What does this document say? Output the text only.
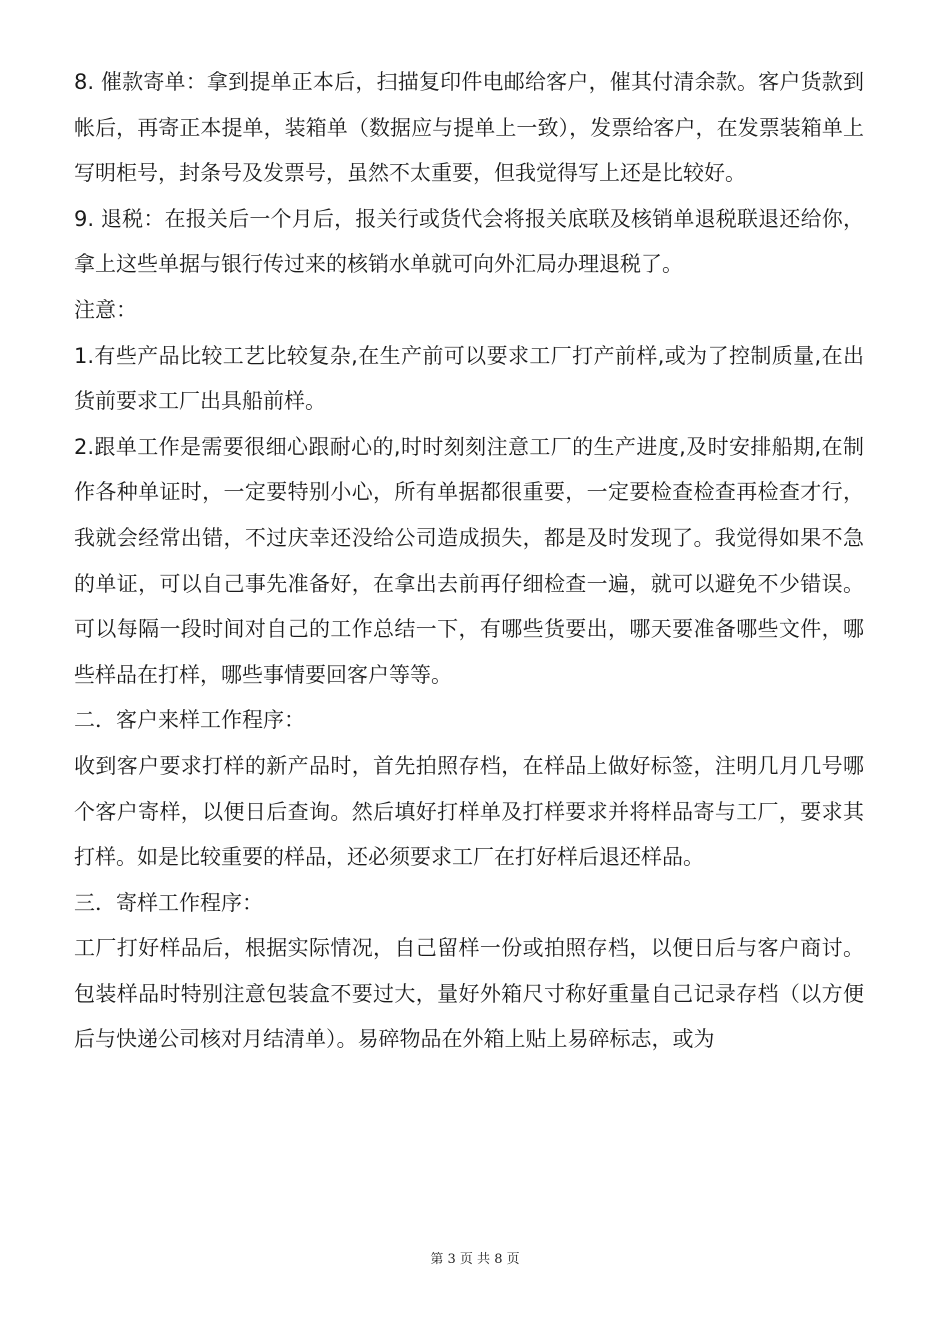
8. 催款寄单：拿到提单正本后，扫描复印件电邮给客户，催其付清余款。客户货款到帐后，再寄正本提单，装箱单（数据应与提单上一致），发票给客户，在发票装箱单上写明柜号，封条号及发票号，虽然不太重要，但我觉得写上还是比较好。

9. 退税：在报关后一个月后，报关行或货代会将报关底联及核销单退税联退还给你，拿上这些单据与银行传过来的核销水单就可向外汇局办理退税了。

注意：

1.有些产品比较工艺比较复杂,在生产前可以要求工厂打产前样,或为了控制质量,在出货前要求工厂出具船前样。

2.跟单工作是需要很细心跟耐心的,时时刻刻注意工厂的生产进度,及时安排船期,在制作各种单证时，一定要特别小心，所有单据都很重要，一定要检查检查再检查才行，我就会经常出错，不过庆幸还没给公司造成损失，都是及时发现了。我觉得如果不急的单证，可以自己事先准备好，在拿出去前再仔细检查一遍，就可以避免不少错误。可以每隔一段时间对自己的工作总结一下，有哪些货要出，哪天要准备哪些文件，哪些样品在打样，哪些事情要回客户等等。

二．客户来样工作程序：

收到客户要求打样的新产品时，首先拍照存档，在样品上做好标签，注明几月几号哪个客户寄样，以便日后查询。然后填好打样单及打样要求并将样品寄与工厂，要求其打样。如是比较重要的样品，还必须要求工厂在打好样后退还样品。

三．寄样工作程序：

工厂打好样品后，根据实际情况，自己留样一份或拍照存档，以便日后与客户商讨。包装样品时特别注意包装盒不要过大，量好外箱尺寸称好重量自己记录存档（以方便后与快递公司核对月结清单）。易碎物品在外箱上贴上易碎标志，或为

第 3 页 共 8 页
